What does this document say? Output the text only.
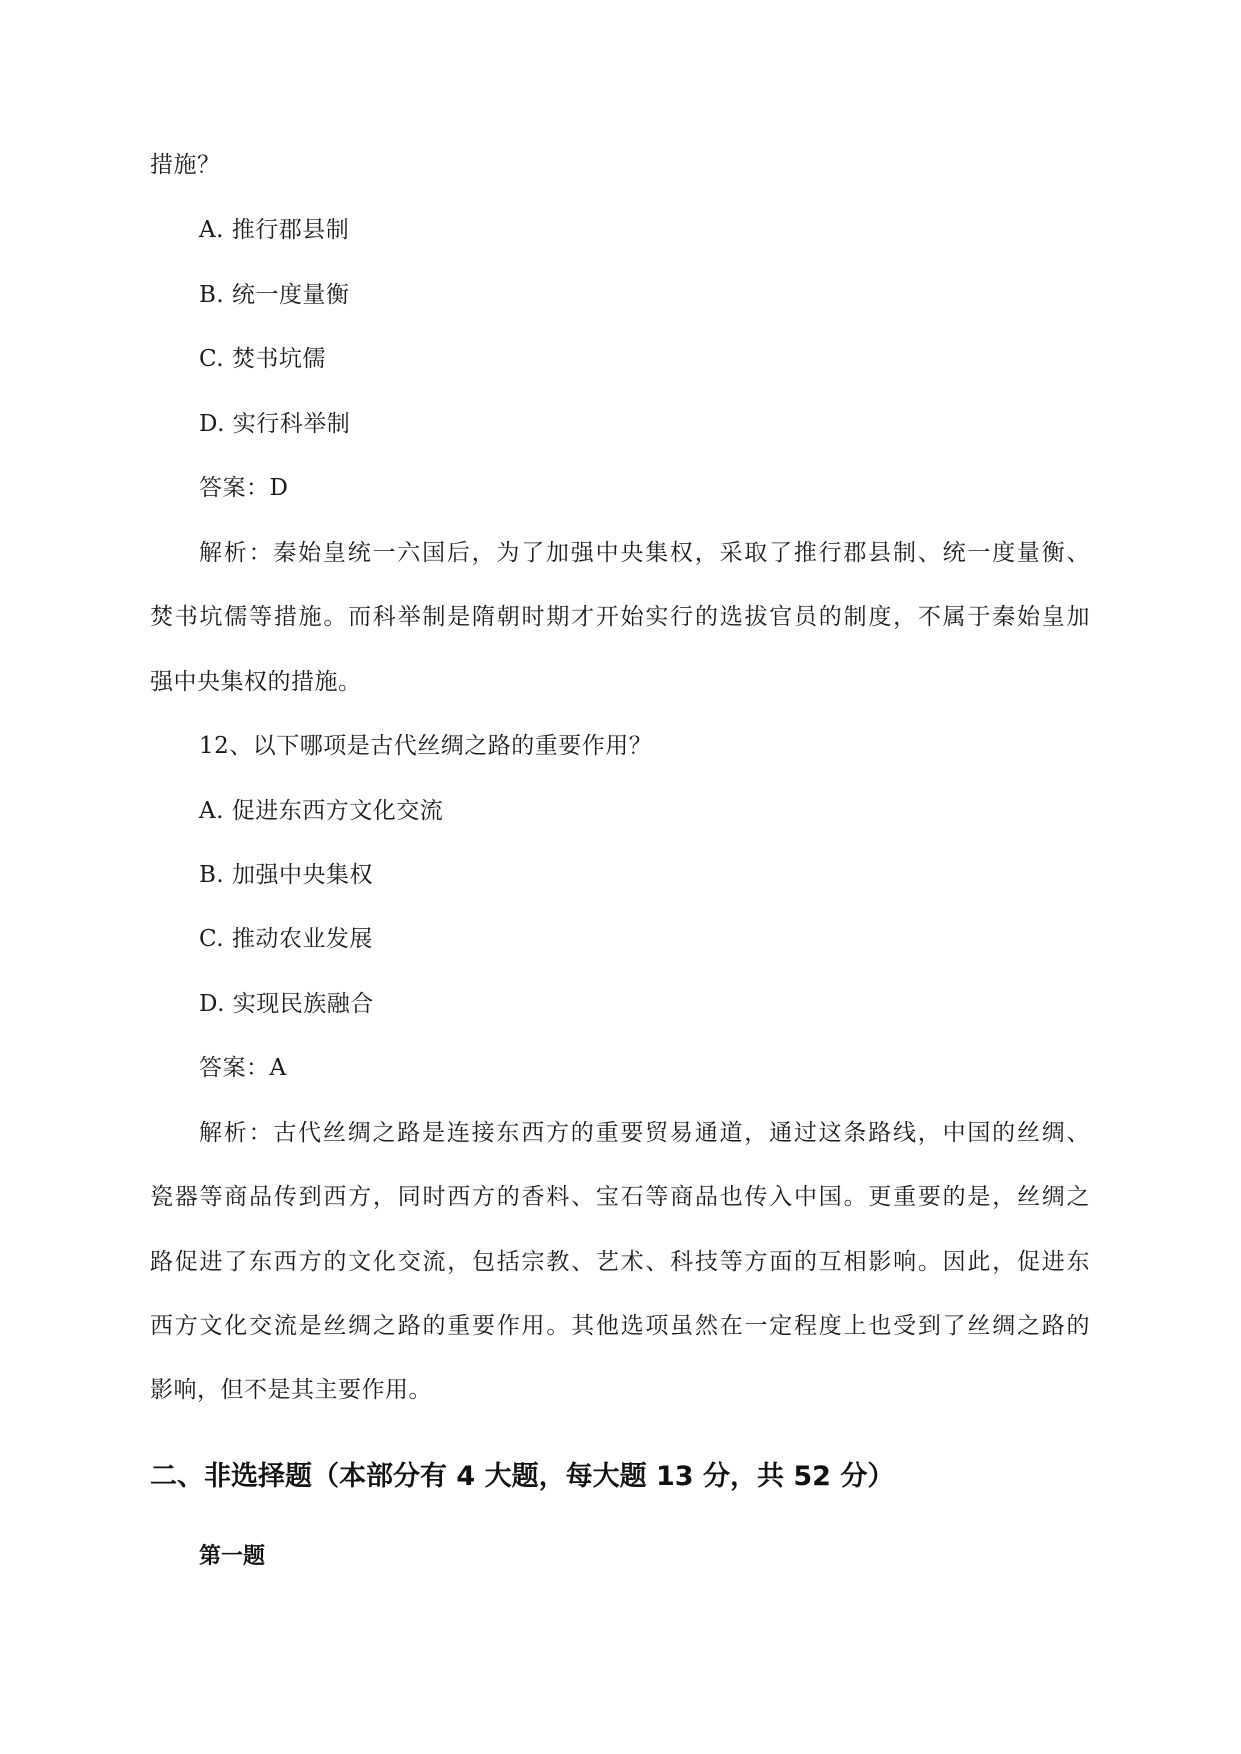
措施？
A. 推行郡县制
B. 统一度量衡
C. 焚书坑儒
D. 实行科举制
答案：D
解析：秦始皇统一六国后，为了加强中央集权，采取了推行郡县制、统一度量衡、
焚书坑儒等措施。而科举制是隋朝时期才开始实行的选拔官员的制度，不属于秦始皇加
强中央集权的措施。
12、以下哪项是古代丝绸之路的重要作用？
A. 促进东西方文化交流
B. 加强中央集权
C. 推动农业发展
D. 实现民族融合
答案：A
解析：古代丝绸之路是连接东西方的重要贸易通道，通过这条路线，中国的丝绸、
瓷器等商品传到西方，同时西方的香料、宝石等商品也传入中国。更重要的是，丝绸之
路促进了东西方的文化交流，包括宗教、艺术、科技等方面的互相影响。因此，促进东
西方文化交流是丝绸之路的重要作用。其他选项虽然在一定程度上也受到了丝绸之路的
影响，但不是其主要作用。
二、非选择题（本部分有 4 大题，每大题 13 分，共 52 分）
第一题
